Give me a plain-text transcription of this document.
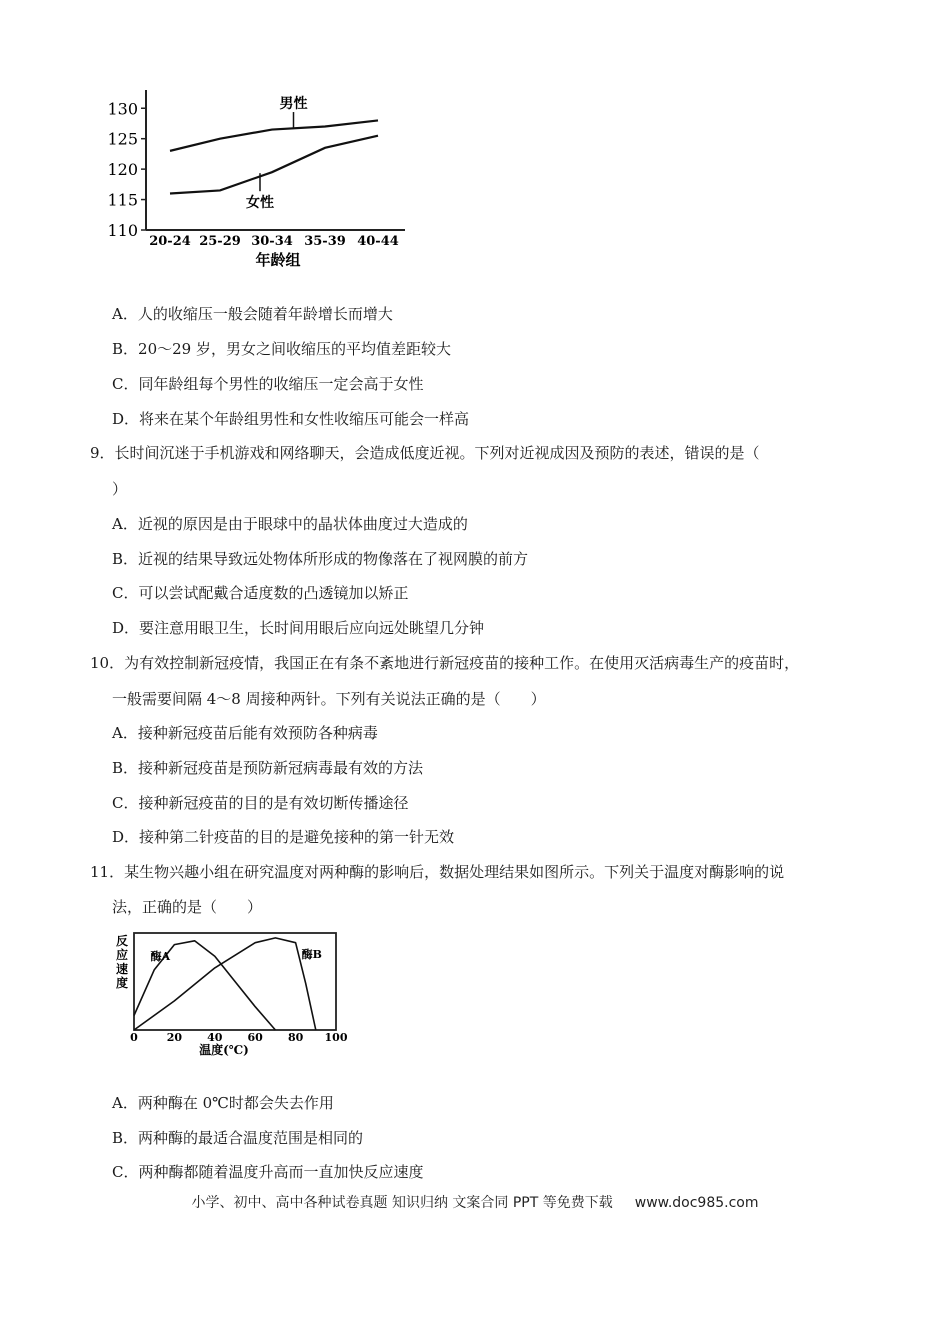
110
115
120
125
130
20-24 25-29 30-34 35-39 40-44
男性
女性
年龄组
A．人的收缩压一般会随着年龄增长而增大
B．20～29 岁，男女之间收缩压的平均值差距较大
C．同年龄组每个男性的收缩压一定会高于女性
D．将来在某个年龄组男性和女性收缩压可能会一样高
9．长时间沉迷于手机游戏和网络聊天，会造成低度近视。下列对近视成因及预防的表述，错误的是（
）
A．近视的原因是由于眼球中的晶状体曲度过大造成的
B．近视的结果导致远处物体所形成的物像落在了视网膜的前方
C．可以尝试配戴合适度数的凸透镜加以矫正
D．要注意用眼卫生，长时间用眼后应向远处眺望几分钟
10．为有效控制新冠疫情，我国正在有条不紊地进行新冠疫苗的接种工作。在使用灭活病毒生产的疫苗时，
一般需要间隔 4～8 周接种两针。下列有关说法正确的是（　　）
A．接种新冠疫苗后能有效预防各种病毒
B．接种新冠疫苗是预防新冠病毒最有效的方法
C．接种新冠疫苗的目的是有效切断传播途径
D．接种第二针疫苗的目的是避免接种的第一针无效
11．某生物兴趣小组在研究温度对两种酶的影响后，数据处理结果如图所示。下列关于温度对酶影响的说
法，正确的是（　　）
反
应
速
度
0	20 40 60 80 100
酶A	酶B
温度(℃)
A．两种酶在 0℃时都会失去作用
B．两种酶的最适合温度范围是相同的
C．两种酶都随着温度升高而一直加快反应速度
小学、初中、高中各种试卷真题 知识归纳 文案合同 PPT 等免费下载 www.doc985.com
